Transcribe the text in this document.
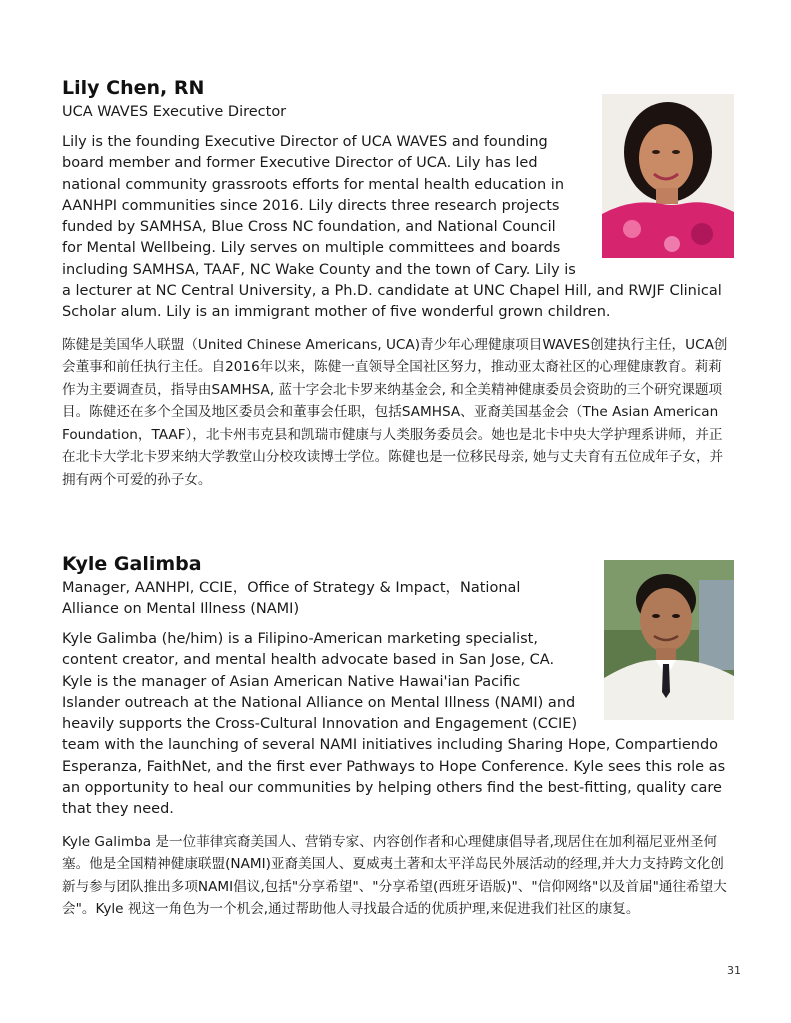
Lily Chen, RN

UCA WAVES Executive Director

Lily is the founding Executive Director of UCA WAVES and founding board member and former Executive Director of UCA. Lily has led national community grassroots efforts for mental health education in AANHPI communities since 2016. Lily directs three research projects funded by SAMHSA, Blue Cross NC foundation, and National Council for Mental Wellbeing. Lily serves on multiple committees and boards including SAMHSA, TAAF, NC Wake County and the town of Cary. Lily is a lecturer at NC Central University, a Ph.D. candidate at UNC Chapel Hill, and RWJF Clinical Scholar alum. Lily is an immigrant mother of five wonderful grown children.

陈健是美国华人联盟（United Chinese Americans, UCA)青少年心理健康项目WAVES创建执行主任，UCA创会董事和前任执行主任。自2016年以来，陈健一直领导全国社区努力，推动亚太裔社区的心理健康教育。莉莉作为主要调查员，指导由SAMHSA, 蓝十字会北卡罗来纳基金会, 和全美精神健康委员会资助的三个研究课题项目。陈健还在多个全国及地区委员会和董事会任职，包括SAMHSA、亚裔美国基金会（The Asian American Foundation，TAAF），北卡州韦克县和凯瑞市健康与人类服务委员会。她也是北卡中央大学护理系讲师，并正在北卡大学北卡罗来纳大学教堂山分校攻读博士学位。陈健也是一位移民母亲, 她与丈夫育有五位成年子女，并拥有两个可爱的孙子女。

Kyle Galimba

Manager, AANHPI, CCIE，Office of Strategy & Impact，National Alliance on Mental Illness (NAMI)

Kyle Galimba (he/him) is a Filipino-American marketing specialist, content creator, and mental health advocate based in San Jose, CA. Kyle is the manager of Asian American Native Hawai'ian Pacific Islander outreach at the National Alliance on Mental Illness (NAMI) and heavily supports the Cross-Cultural Innovation and Engagement (CCIE) team with the launching of several NAMI initiatives including Sharing Hope, Compartiendo Esperanza, FaithNet, and the first ever Pathways to Hope Conference. Kyle sees this role as an opportunity to heal our communities by helping others find the best-fitting, quality care that they need.

Kyle Galimba 是一位菲律宾裔美国人、营销专家、内容创作者和心理健康倡导者,现居住在加利福尼亚州圣何塞。他是全国精神健康联盟(NAMI)亚裔美国人、夏威夷土著和太平洋岛民外展活动的经理,并大力支持跨文化创新与参与团队推出多项NAMI倡议,包括"分享希望"、"分享希望(西班牙语版)"、"信仰网络"以及首届"通往希望大会"。Kyle 视这一角色为一个机会,通过帮助他人寻找最合适的优质护理,来促进我们社区的康复。

31
